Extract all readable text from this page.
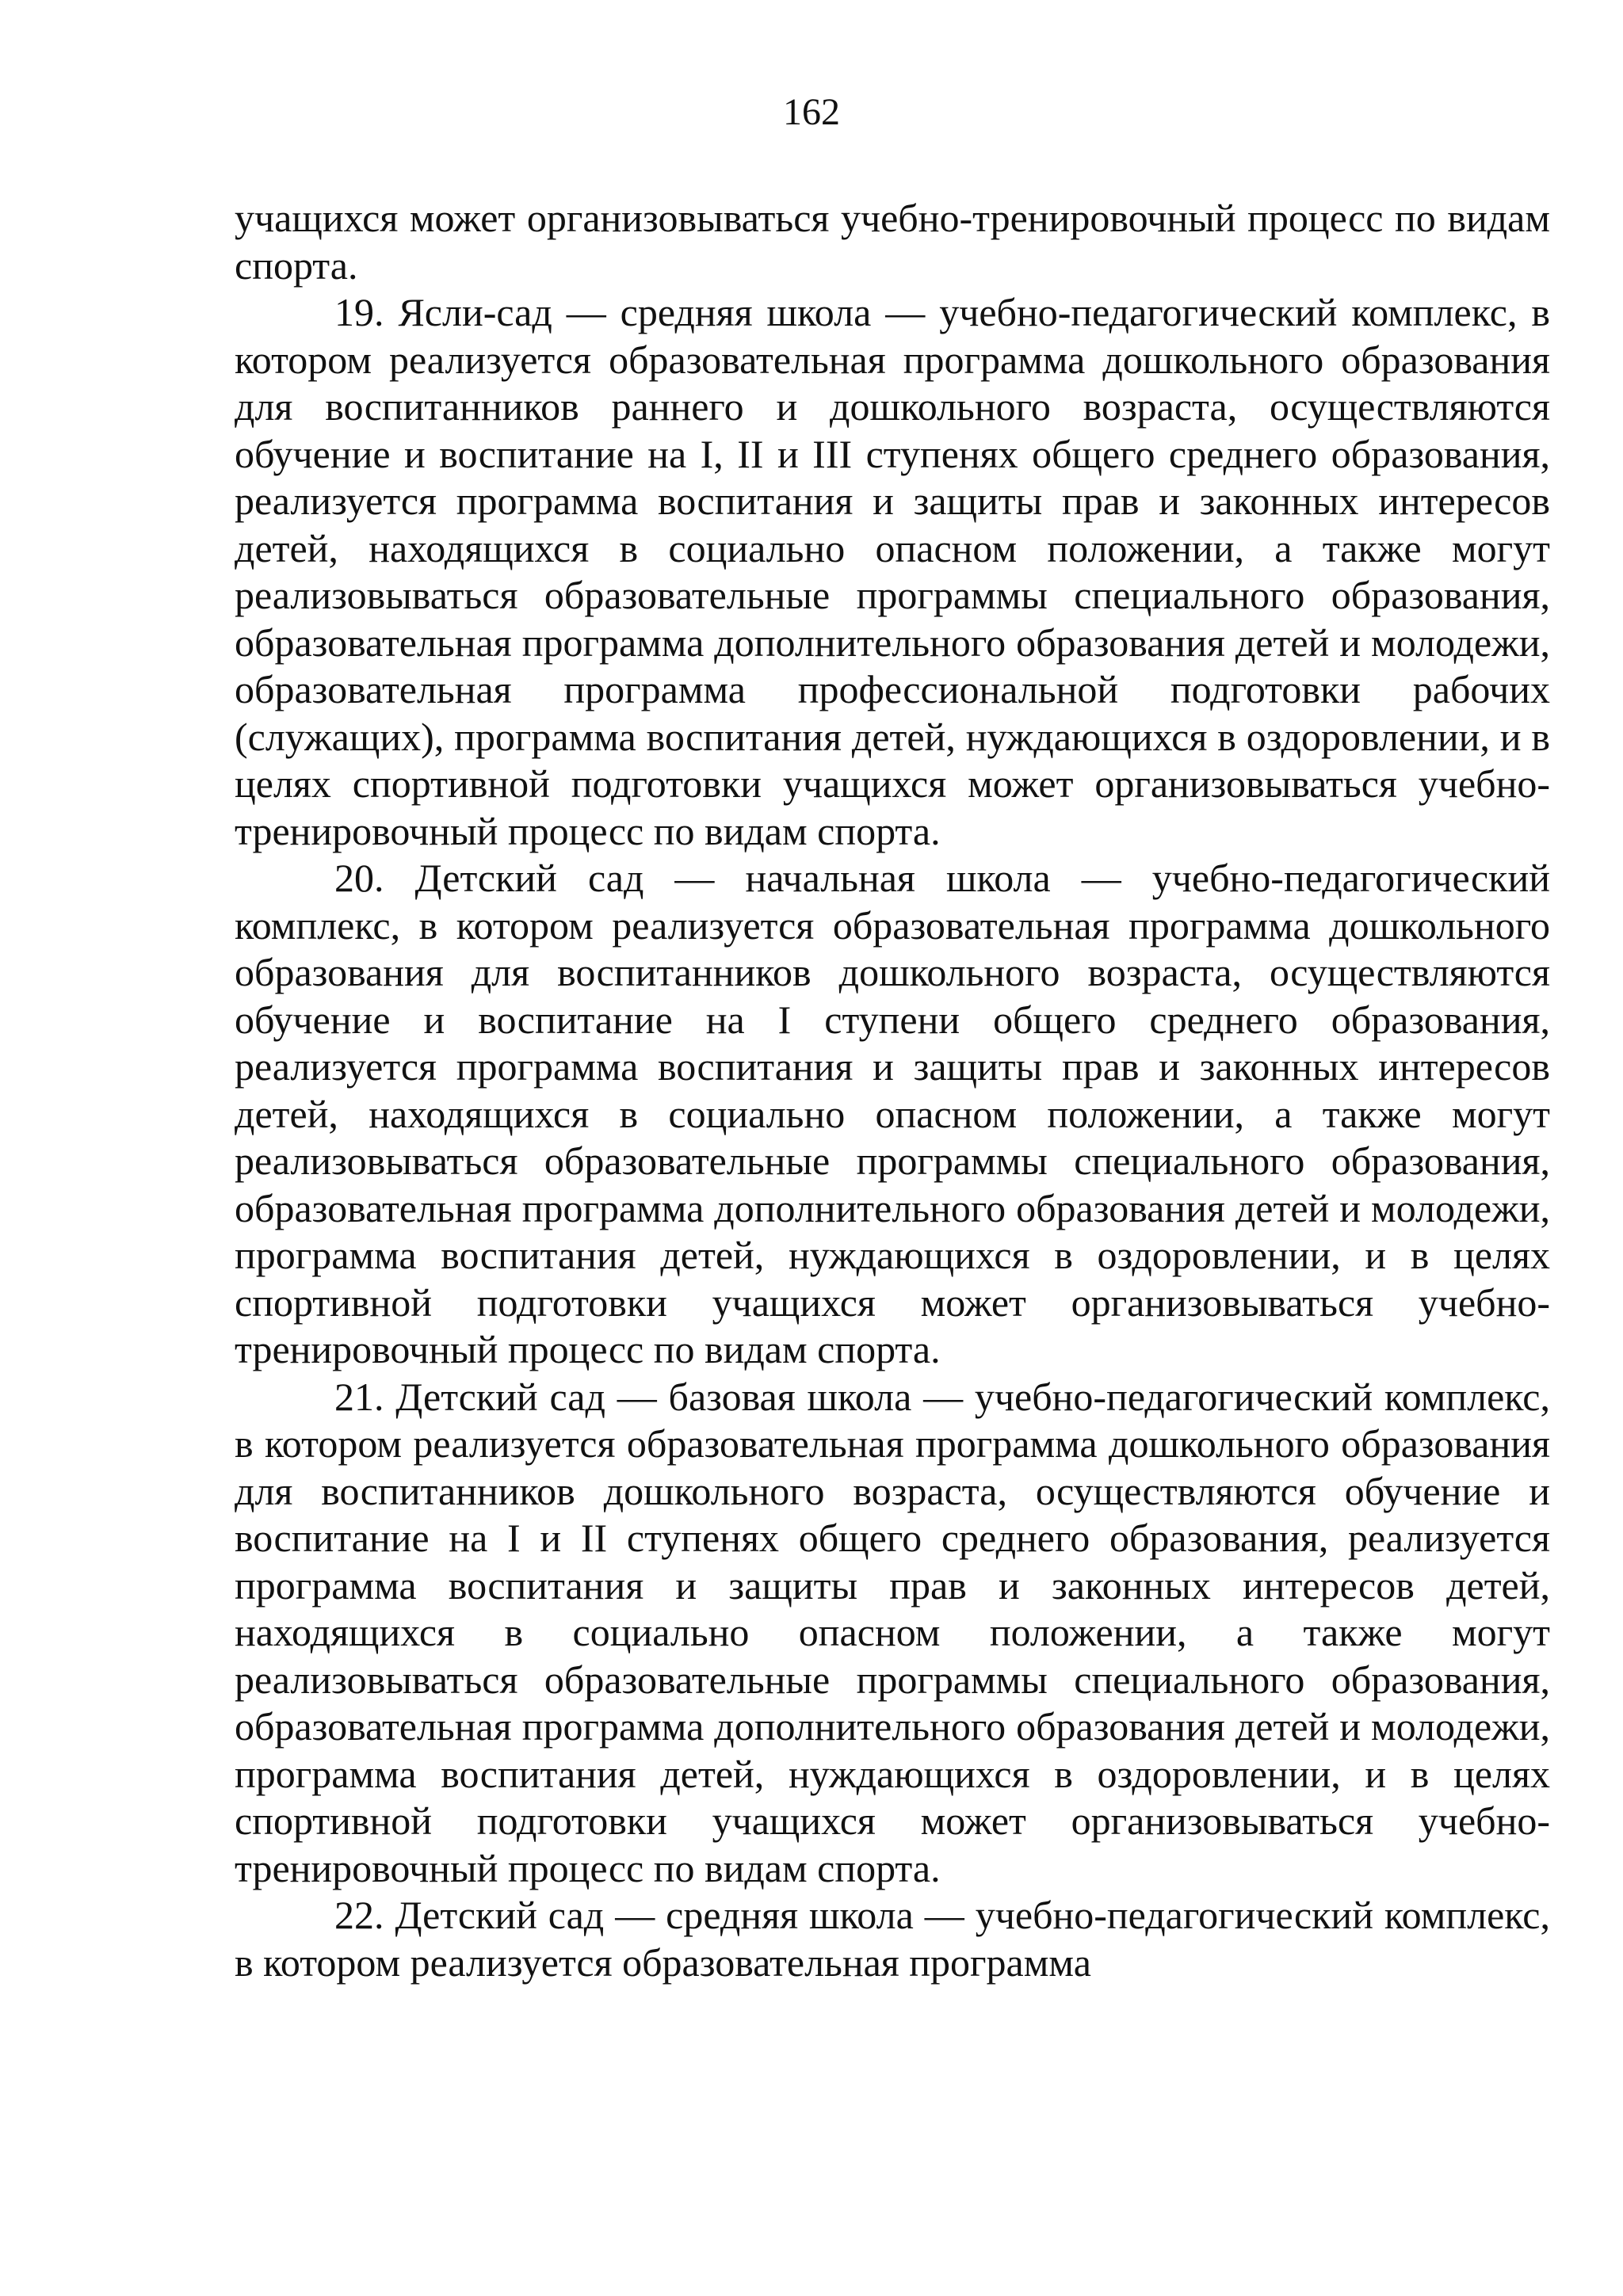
162

учащихся может организовываться учебно-тренировочный процесс по видам спорта.

19. Ясли-сад — средняя школа — учебно-педагогический комплекс, в котором реализуется образовательная программа дошкольного образования для воспитанников раннего и дошкольного возраста, осуществляются обучение и воспитание на I, II и III ступенях общего среднего образования, реализуется программа воспитания и защиты прав и законных интересов детей, находящихся в социально опасном положении, а также могут реализовываться образовательные программы специального образования, образовательная программа дополнительного образования детей и молодежи, образовательная программа профессиональной подготовки рабочих (служащих), программа воспитания детей, нуждающихся в оздоровлении, и в целях спортивной подготовки учащихся может организовываться учебно-тренировочный процесс по видам спорта.

20. Детский сад — начальная школа — учебно-педагогический комплекс, в котором реализуется образовательная программа дошкольного образования для воспитанников дошкольного возраста, осуществляются обучение и воспитание на I ступени общего среднего образования, реализуется программа воспитания и защиты прав и законных интересов детей, находящихся в социально опасном положении, а также могут реализовываться образовательные программы специального образования, образовательная программа дополнительного образования детей и молодежи, программа воспитания детей, нуждающихся в оздоровлении, и в целях спортивной подготовки учащихся может организовываться учебно-тренировочный процесс по видам спорта.

21. Детский сад — базовая школа — учебно-педагогический комплекс, в котором реализуется образовательная программа дошкольного образования для воспитанников дошкольного возраста, осуществляются обучение и воспитание на I и II ступенях общего среднего образования, реализуется программа воспитания и защиты прав и законных интересов детей, находящихся в социально опасном положении, а также могут реализовываться образовательные программы специального образования, образовательная программа дополнительного образования детей и молодежи, программа воспитания детей, нуждающихся в оздоровлении, и в целях спортивной подготовки учащихся может организовываться учебно-тренировочный процесс по видам спорта.

22. Детский сад — средняя школа — учебно-педагогический комплекс, в котором реализуется образовательная программа
